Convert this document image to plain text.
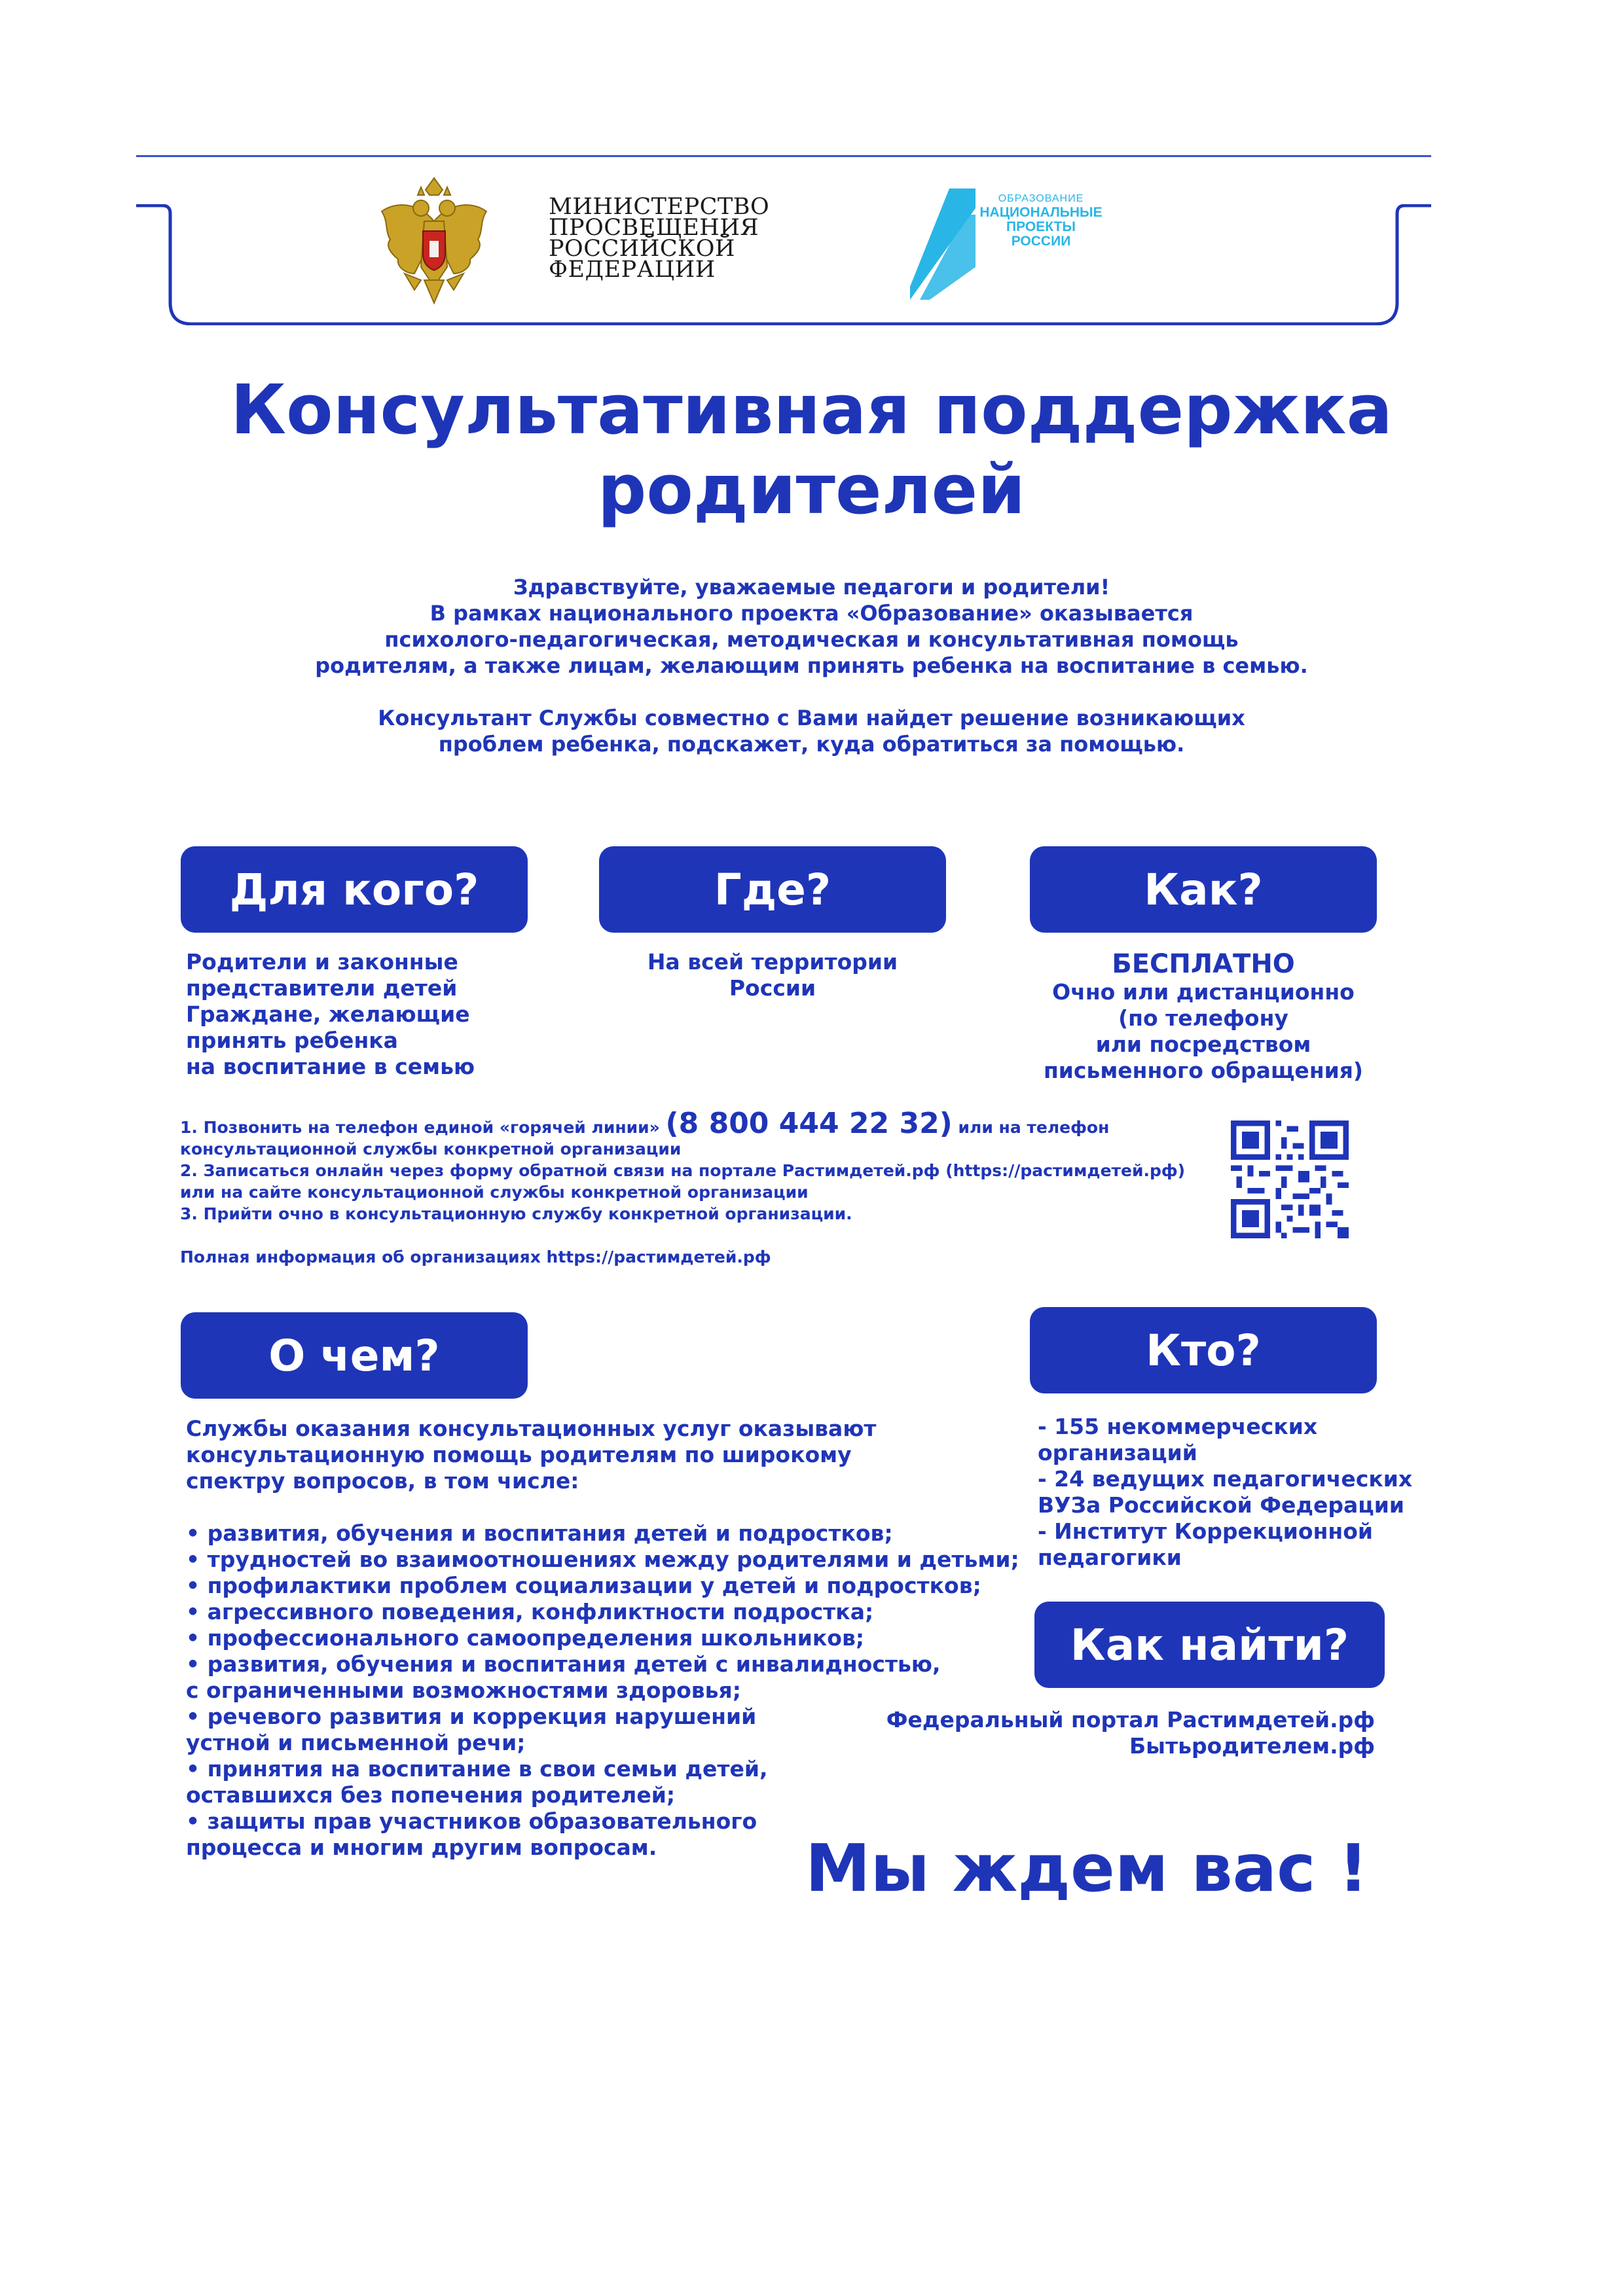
МИНИСТЕРСТВО
ПРОСВЕЩЕНИЯ
РОССИЙСКОЙ
ФЕДЕРАЦИИ
ОБРАЗОВАНИЕ
НАЦИОНАЛЬНЫЕ
ПРОЕКТЫ
РОССИИ
Консультативная поддержка
родителей

Здравствуйте, уважаемые педагоги и родители!

В рамках национального проекта «Образование» оказывается

психолого-педагогическая, методическая и консультативная помощь

родителям, а также лицам, желающим принять ребенка на воспитание в семью.

Консультант Службы совместно с Вами найдет решение возникающих

проблем ребенка, подскажет, куда обратиться за помощью.

Для кого?	Где?	Как?
Родители и законные
представители детей
Граждане, желающие
принять ребенка
на воспитание в семью
На всей территории
России
БЕСПЛАТНО
Очно или дистанционно
(по телефону
или посредством
письменного обращения)

1. Позвонить на телефон единой «горячей линии» (8 800 444 22 32) или на телефон

консультационной службы конкретной организации

2. Записаться онлайн через форму обратной связи на портале Растимдетей.рф (https://растимдетей.рф)

или на сайте консультационной службы конкретной организации

3. Прийти очно в консультационную службу конкретной организации.

Полная информация об организациях https://растимдетей.рф

О чем?	Кто?
Службы оказания консультационных услуг оказывают
консультационную помощь родителям по широкому
спектру вопросов, в том числе:
• развития, обучения и воспитания детей и подростков;
• трудностей во взаимоотношениях между родителями и детьми;
• профилактики проблем социализации у детей и подростков;
• агрессивного поведения, конфликтности подростка;
• профессионального самоопределения школьников;
• развития, обучения и воспитания детей с инвалидностью,
с ограниченными возможностями здоровья;
• речевого развития и коррекция нарушений
устной и письменной речи;
• принятия на воспитание в свои семьи детей,
оставшихся без попечения родителей;
• защиты прав участников образовательного
процесса и многим другим вопросам.
- 155 некоммерческих
организаций
- 24 ведущих педагогических
ВУЗа Российской Федерации
- Институт Коррекционной
педагогики
Как найти?
Федеральный портал Растимдетей.рф
Бытьродителем.рф
Мы ждем вас !
